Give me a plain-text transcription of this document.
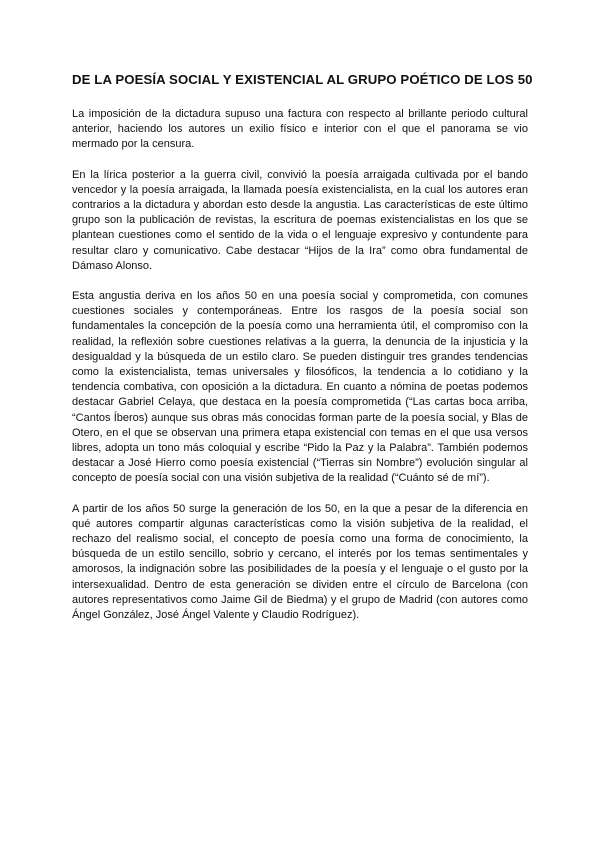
DE LA POESÍA SOCIAL Y EXISTENCIAL AL GRUPO POÉTICO DE LOS 50

La imposición de la dictadura supuso una factura con respecto al brillante periodo cultural anterior, haciendo los autores un exilio físico e interior con el que el panorama se vio mermado por la censura.

En la lírica posterior a la guerra civil, convivió la poesía arraigada cultivada por el bando vencedor y la poesía arraigada, la llamada poesía existencialista, en la cual los autores eran contrarios a la dictadura y abordan esto desde la angustia. Las características de este último grupo son la publicación de revistas, la escritura de poemas existencialistas en los que se plantean cuestiones como el sentido de la vida o el lenguaje expresivo y contundente para resultar claro y comunicativo. Cabe destacar “Hijos de la Ira” como obra fundamental de Dámaso Alonso.

Esta angustia deriva en los años 50 en una poesía social y comprometida, con comunes cuestiones sociales y contemporáneas. Entre los rasgos de la poesía social son fundamentales la concepción de la poesía como una herramienta útil, el compromiso con la realidad, la reflexión sobre cuestiones relativas a la guerra, la denuncia de la injusticia y la desigualdad y la búsqueda de un estilo claro. Se pueden distinguir tres grandes tendencias como la existencialista, temas universales y filosóficos, la tendencia a lo cotidiano y la tendencia combativa, con oposición a la dictadura. En cuanto a nómina de poetas podemos destacar Gabriel Celaya, que destaca en la poesía comprometida (“Las cartas boca arriba, “Cantos Íberos) aunque sus obras más conocidas forman parte de la poesía social, y Blas de Otero, en el que se observan una primera etapa existencial con temas en el que usa versos libres, adopta un tono más coloquial y escribe “Pido la Paz y la Palabra”. También podemos destacar a José Hierro como poesía existencial (“Tierras sin Nombre”) evolución singular al concepto de poesía social con una visión subjetiva de la realidad (“Cuánto sé de mí”).

A partir de los años 50 surge la generación de los 50, en la que a pesar de la diferencia en qué autores compartir algunas características como la visión subjetiva de la realidad, el rechazo del realismo social, el concepto de poesía como una forma de conocimiento, la búsqueda de un estilo sencillo, sobrio y cercano, el interés por los temas sentimentales y amorosos, la indignación sobre las posibilidades de la poesía y el lenguaje o el gusto por la intersexualidad. Dentro de esta generación se dividen entre el círculo de Barcelona (con autores representativos como Jaime Gil de Biedma) y el grupo de Madrid (con autores como Ángel González, José Ángel Valente y Claudio Rodríguez).
